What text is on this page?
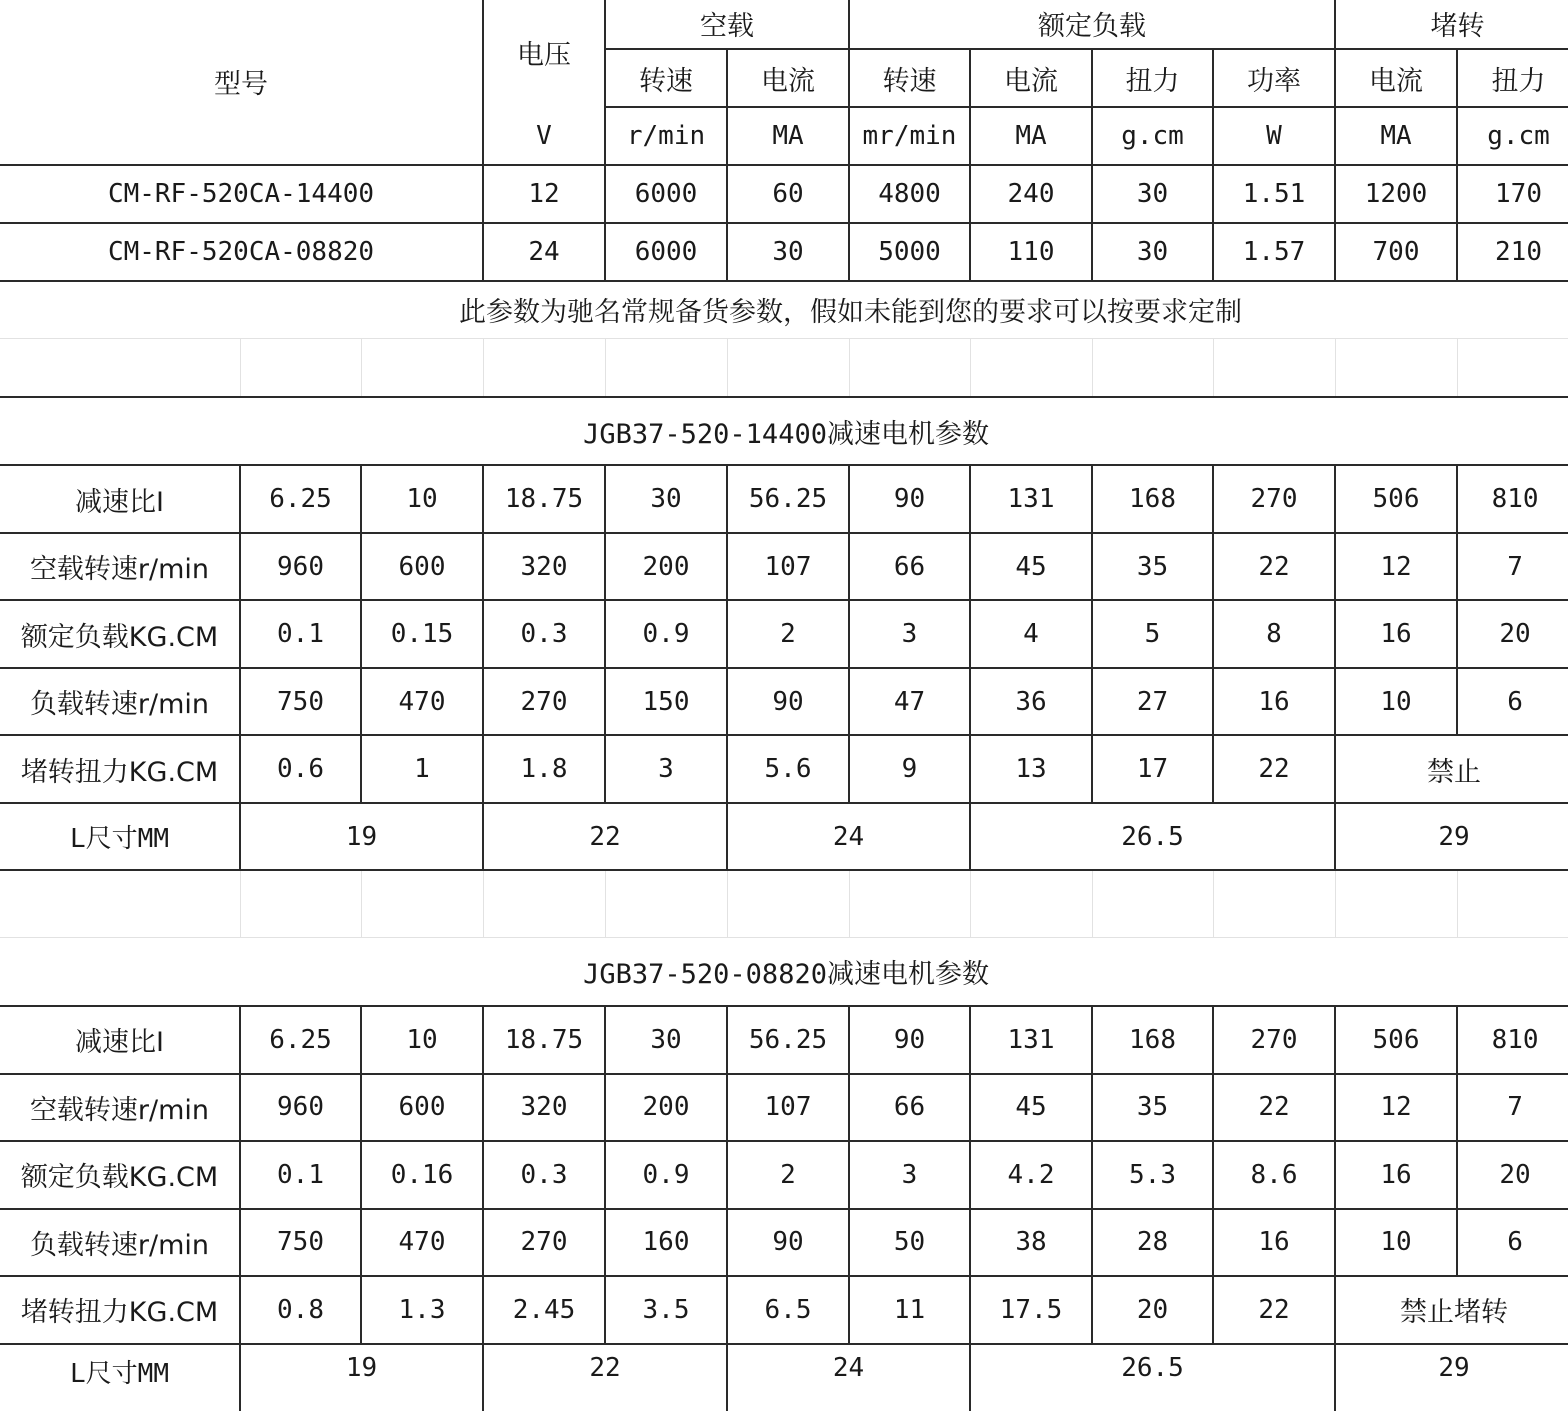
型号	电压	空载		额定负载				堵转	
		转速	电流	转速	电流	扭力	功率	电流	扭力
	V	r/min	MA	mr/min	MA	g.cm	W	MA	g.cm
CM-RF-520CA-14400	12	6000	60	4800	240	30	1.51	1200	170
CM-RF-520CA-08820	24	6000	30	5000	110	30	1.57	700	210
此参数为驰名常规备货参数，假如未能到您的要求可以按要求定制									

JGB37-520-14400减速电机参数											
减速比I	6.25	10	18.75	30	56.25	90	131	168	270	506	810
空载转速r/min	960	600	320	200	107	66	45	35	22	12	7
额定负载KG.CM	0.1	0.15	0.3	0.9	2	3	4	5	8	16	20
负载转速r/min	750	470	270	150	90	47	36	27	16	10	6
堵转扭力KG.CM	0.6	1	1.8	3	5.6	9	13	17	22	禁止	
L尺寸MM	19		22		24		26.5			29	

JGB37-520-08820减速电机参数											
减速比I	6.25	10	18.75	30	56.25	90	131	168	270	506	810
空载转速r/min	960	600	320	200	107	66	45	35	22	12	7
额定负载KG.CM	0.1	0.16	0.3	0.9	2	3	4.2	5.3	8.6	16	20
负载转速r/min	750	470	270	160	90	50	38	28	16	10	6
堵转扭力KG.CM	0.8	1.3	2.45	3.5	6.5	11	17.5	20	22	禁止堵转	
L尺寸MM	19		22		24		26.5			29	
